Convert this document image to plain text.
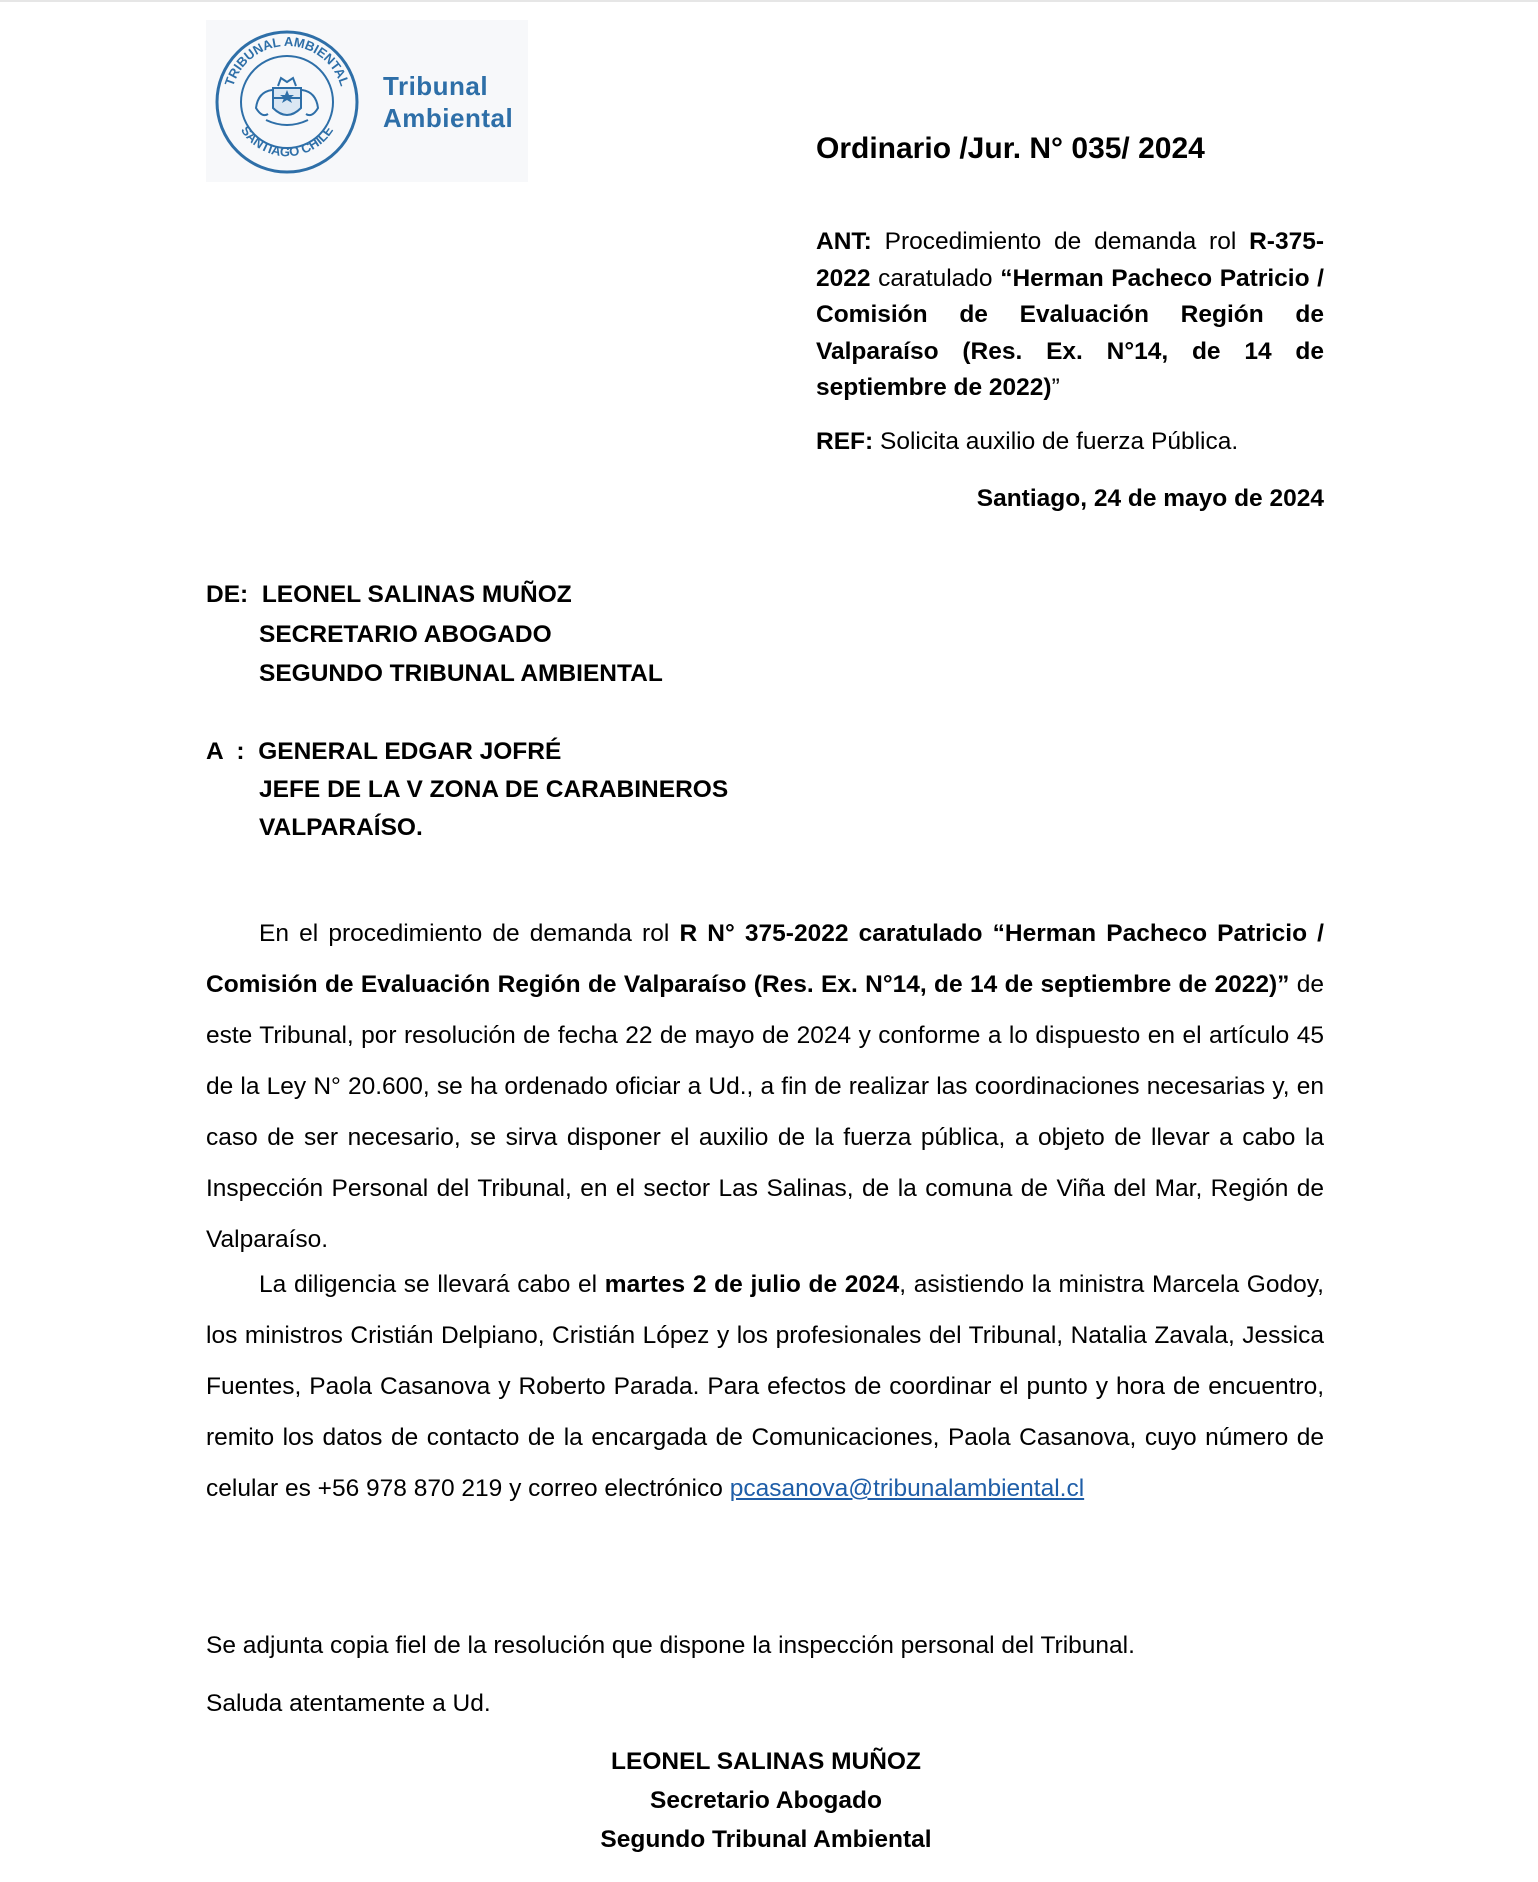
TRIBUNAL AMBIENTAL
SANTIAGO CHILE
Tribunal
Ambiental
Ordinario /Jur. N° 035/ 2024
ANT: Procedimiento de demanda rol R-375-2022 caratulado “Herman Pacheco Patricio / Comisión de Evaluación Región de Valparaíso (Res. Ex. N°14, de 14 de septiembre de 2022)”
REF: Solicita auxilio de fuerza Pública.
Santiago, 24 de mayo de 2024
DE: LEONEL SALINAS MUÑOZ
SECRETARIO ABOGADO
SEGUNDO TRIBUNAL AMBIENTAL
A  : GENERAL EDGAR JOFRÉ
JEFE DE LA V ZONA DE CARABINEROS
VALPARAÍSO.
En el procedimiento de demanda rol R N° 375-2022 caratulado “Herman Pacheco Patricio / Comisión de Evaluación Región de Valparaíso (Res. Ex. N°14, de 14 de septiembre de 2022)” de este Tribunal, por resolución de fecha 22 de mayo de 2024 y conforme a lo dispuesto en el artículo 45 de la Ley N° 20.600, se ha ordenado oficiar a Ud., a fin de realizar las coordinaciones necesarias y, en caso de ser necesario, se sirva disponer el auxilio de la fuerza pública, a objeto de llevar a cabo la Inspección Personal del Tribunal, en el sector Las Salinas, de la comuna de Viña del Mar, Región de Valparaíso.
La diligencia se llevará cabo el martes 2 de julio de 2024, asistiendo la ministra Marcela Godoy, los ministros Cristián Delpiano, Cristián López y los profesionales del Tribunal, Natalia Zavala, Jessica Fuentes, Paola Casanova y Roberto Parada. Para efectos de coordinar el punto y hora de encuentro, remito los datos de contacto de la encargada de Comunicaciones, Paola Casanova, cuyo número de celular es +56 978 870 219 y correo electrónico pcasanova@tribunalambiental.cl
Se adjunta copia fiel de la resolución que dispone la inspección personal del Tribunal.
Saluda atentamente a Ud.
LEONEL SALINAS MUÑOZ
Secretario Abogado
Segundo Tribunal Ambiental
